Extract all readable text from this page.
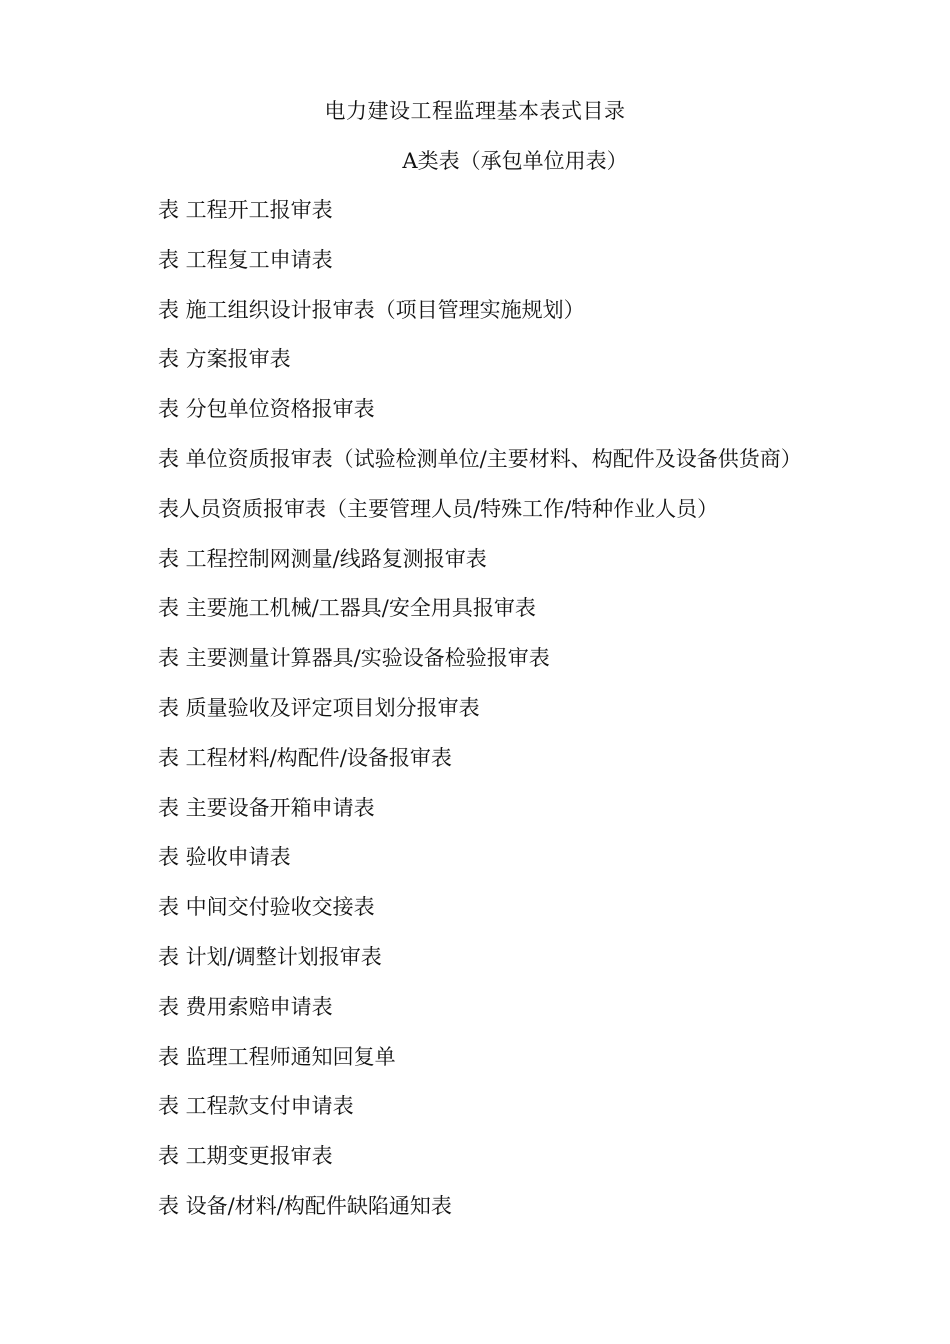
电力建设工程监理基本表式目录
A类表（承包单位用表）
表 工程开工报审表
表 工程复工申请表
表 施工组织设计报审表（项目管理实施规划）
表 方案报审表
表 分包单位资格报审表
表 单位资质报审表（试验检测单位/主要材料、构配件及设备供货商）
表人员资质报审表（主要管理人员/特殊工作/特种作业人员）
表 工程控制网测量/线路复测报审表
表 主要施工机械/工器具/安全用具报审表
表 主要测量计算器具/实验设备检验报审表
表 质量验收及评定项目划分报审表
表 工程材料/构配件/设备报审表
表 主要设备开箱申请表
表 验收申请表
表 中间交付验收交接表
表 计划/调整计划报审表
表 费用索赔申请表
表 监理工程师通知回复单
表 工程款支付申请表
表 工期变更报审表
表 设备/材料/构配件缺陷通知表
